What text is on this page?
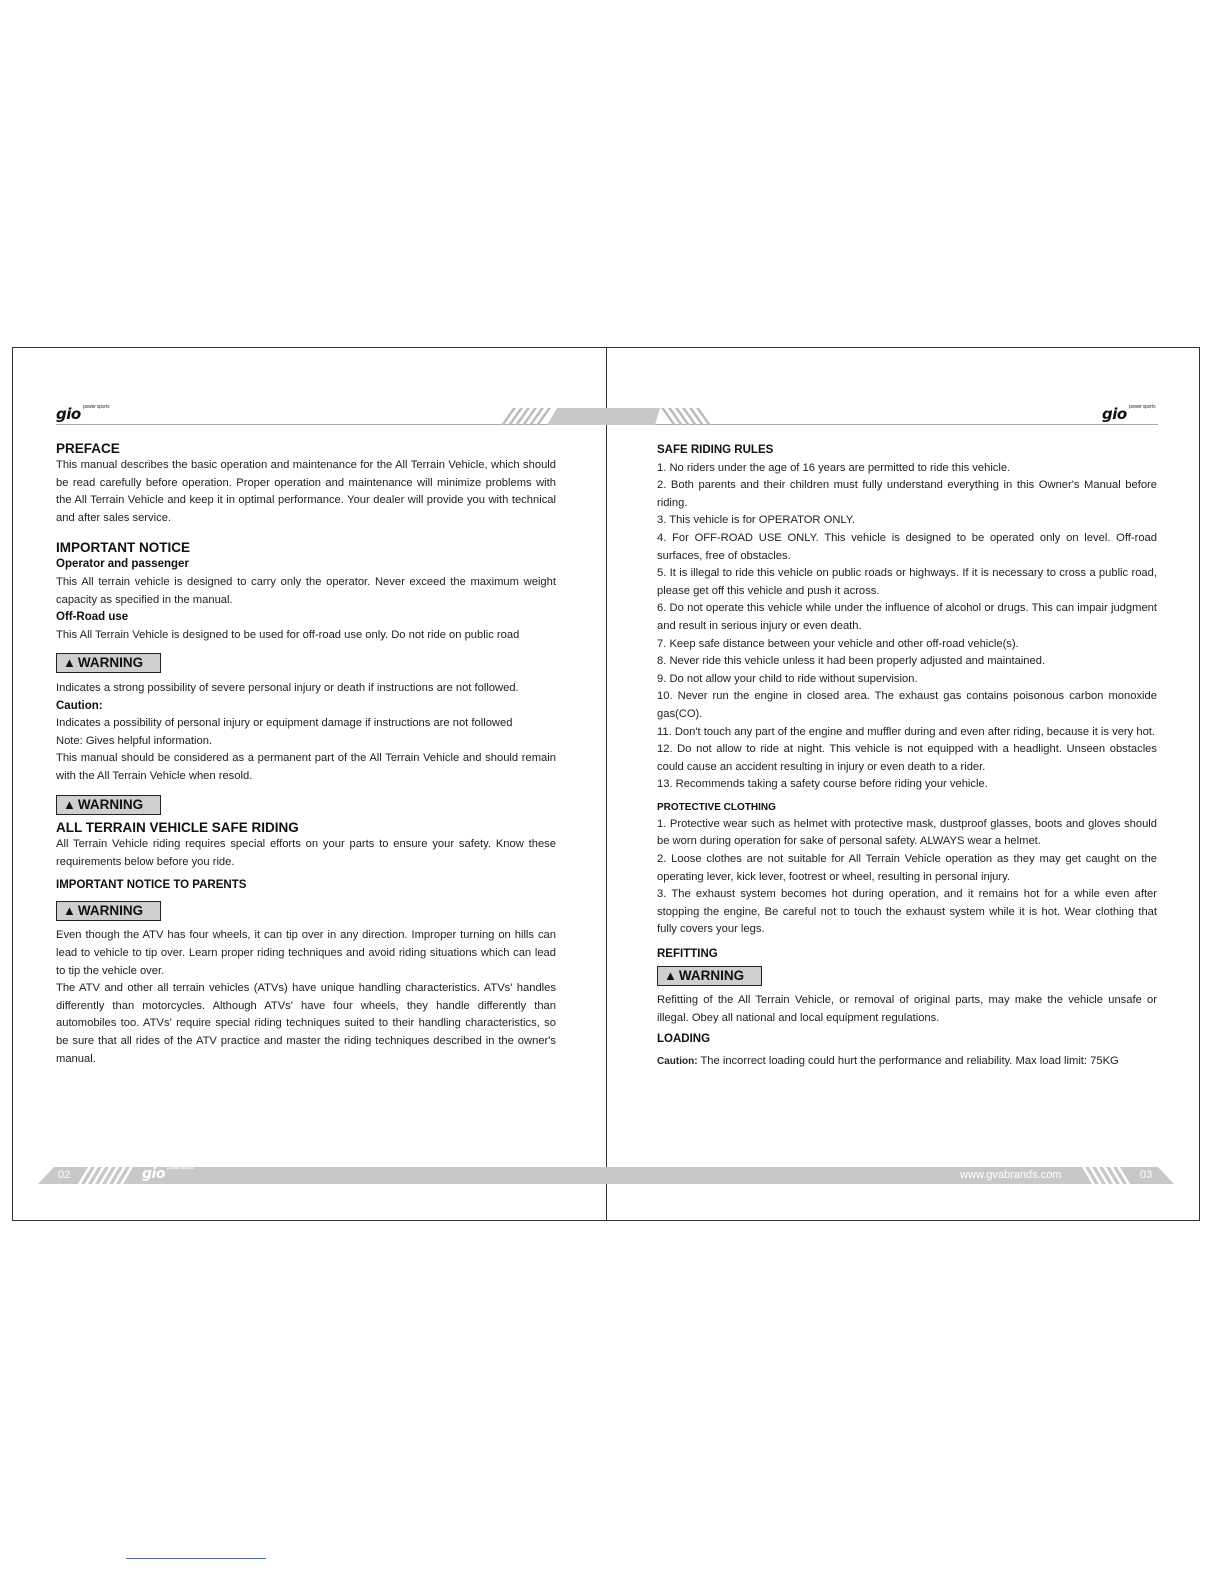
gio power sports	gio power sports
PREFACE

This manual describes the basic operation and maintenance for the All Terrain Vehicle, which should be read carefully before operation. Proper operation and maintenance will minimize problems with the All Terrain Vehicle and keep it in optimal performance. Your dealer will provide you with technical and after sales service.

IMPORTANT NOTICE
Operator and passenger

This All terrain vehicle is designed to carry only the operator. Never exceed the maximum weight capacity as specified in the manual.

Off-Road use

This All Terrain Vehicle is designed to be used for off-road use only. Do not ride on public road

▲ WARNING

Indicates a strong possibility of severe personal injury or death if instructions are not followed.

Caution:

Indicates a possibility of personal injury or equipment damage if instructions are not followed

Note: Gives helpful information.

This manual should be considered as a permanent part of the All Terrain Vehicle and should remain with the All Terrain Vehicle when resold.

▲ WARNING
ALL TERRAIN VEHICLE SAFE RIDING

All Terrain Vehicle riding requires special efforts on your parts to ensure your safety. Know these requirements below before you ride.

IMPORTANT NOTICE TO PARENTS
▲ WARNING

Even though the ATV has four wheels, it can tip over in any direction. Improper turning on hills can lead to vehicle to tip over. Learn proper riding techniques and avoid riding situations which can lead to tip the vehicle over.

The ATV and other all terrain vehicles (ATVs) have unique handling characteristics. ATVs' handles differently than motorcycles. Although ATVs' have four wheels, they handle differently than automobiles too. ATVs' require special riding techniques suited to their handling characteristics, so be sure that all rides of the ATV practice and master the riding techniques described in the owner's manual.

SAFE RIDING RULES

1. No riders under the age of 16 years are permitted to ride this vehicle.

2. Both parents and their children must fully understand everything in this Owner's Manual before riding.

3. This vehicle is for OPERATOR ONLY.

4. For OFF-ROAD USE ONLY. This vehicle is designed to be operated only on level. Off-road surfaces, free of obstacles.

5. It is illegal to ride this vehicle on public roads or highways. If it is necessary to cross a public road, please get off this vehicle and push it across.

6. Do not operate this vehicle while under the influence of alcohol or drugs. This can impair judgment and result in serious injury or even death.

7. Keep safe distance between your vehicle and other off-road vehicle(s).

8. Never ride this vehicle unless it had been properly adjusted and maintained.

9. Do not allow your child to ride without supervision.

10. Never run the engine in closed area. The exhaust gas contains poisonous carbon monoxide gas(CO).

11. Don't touch any part of the engine and muffler during and even after riding, because it is very hot.

12. Do not allow to ride at night. This vehicle is not equipped with a headlight. Unseen obstacles could cause an accident resulting in injury or even death to a rider.

13. Recommends taking a safety course before riding your vehicle.

PROTECTIVE CLOTHING

1. Protective wear such as helmet with protective mask, dustproof glasses, boots and gloves should be worn during operation for sake of personal safety. ALWAYS wear a helmet.

2. Loose clothes are not suitable for All Terrain Vehicle operation as they may get caught on the operating lever, kick lever, footrest or wheel, resulting in personal injury.

3. The exhaust system becomes hot during operation, and it remains hot for a while even after stopping the engine, Be careful not to touch the exhaust system while it is hot. Wear clothing that fully covers your legs.

REFITTING
▲ WARNING

Refitting of the All Terrain Vehicle, or removal of original parts, may make the vehicle unsafe or illegal. Obey all national and local equipment regulations.

LOADING

Caution: The incorrect loading could hurt the performance and reliability. Max load limit: 75KG

02	gio power sports
www.gvabrands.com	03
